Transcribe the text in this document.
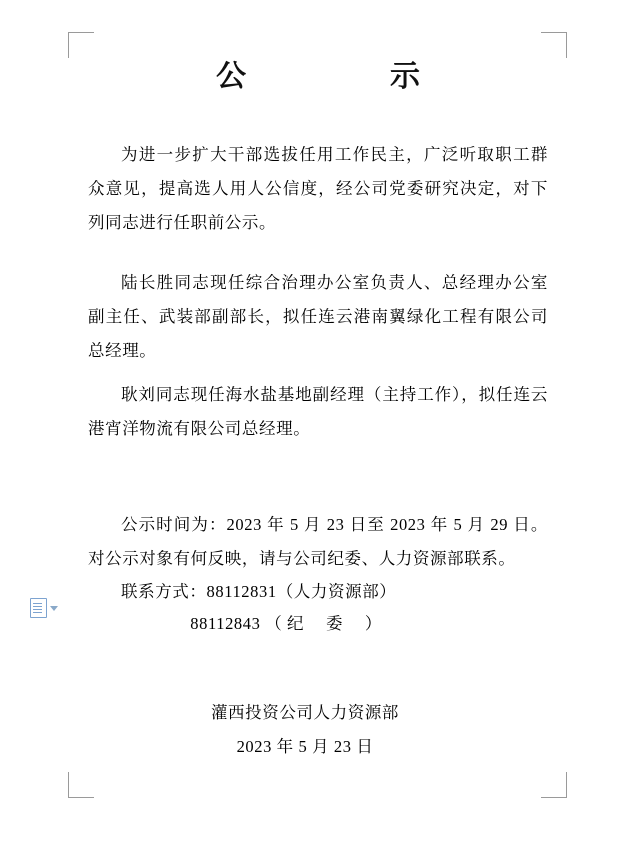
公　　示

为进一步扩大干部选拔任用工作民主，广泛听取职工群众意见，提高选人用人公信度，经公司党委研究决定，对下列同志进行任职前公示。

陆长胜同志现任综合治理办公室负责人、总经理办公室副主任、武装部副部长，拟任连云港南翼绿化工程有限公司总经理。

耿刘同志现任海水盐基地副经理（主持工作），拟任连云港宵洋物流有限公司总经理。

公示时间为：2023 年 5 月 23 日至 2023 年 5 月 29 日。对公示对象有何反映，请与公司纪委、人力资源部联系。

联系方式：88112831（人力资源部）

88112843 （ 纪　 委　 ）

灌西投资公司人力资源部
2023 年 5 月 23 日
